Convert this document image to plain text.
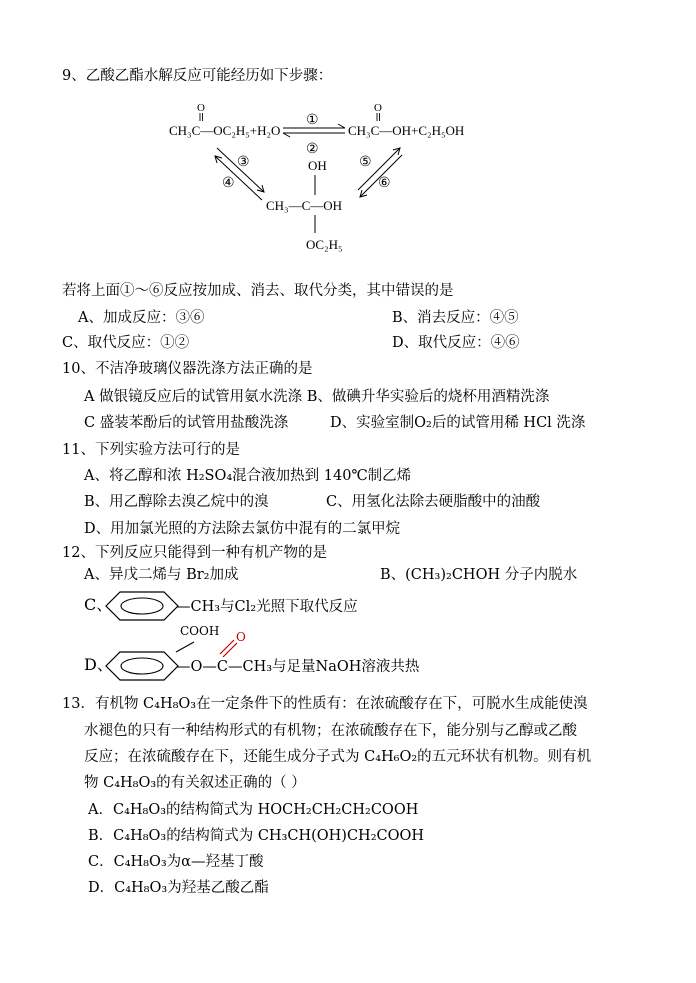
9、乙酸乙酯水解反应可能经历如下步骤：
O
CH₃C—OC₂H₅+H₂O
O
CH₃C—OH+C₂H₅OH
①
②
③
④
⑤
⑥
OH
CH₃—C—OH
OC₂H₅
若将上面①～⑥反应按加成、消去、取代分类，其中错误的是
A、加成反应：③⑥	B、消去反应：④⑤
C、取代反应：①②	D、取代反应：④⑥
10、不洁净玻璃仪器洗涤方法正确的是
A 做银镜反应后的试管用氨水洗涤 B、做碘升华实验后的烧杯用酒精洗涤
C 盛装苯酚后的试管用盐酸洗涤	D、实验室制O₂后的试管用稀 HCl 洗涤
11、下列实验方法可行的是
A、将乙醇和浓 H₂SO₄混合液加热到 140℃制乙烯
B、用乙醇除去溴乙烷中的溴	C、用氢化法除去硬脂酸中的油酸
D、用加氯光照的方法除去氯仿中混有的二氯甲烷
12、下列反应只能得到一种有机产物的是
A、异戊二烯与 Br₂加成	B、(CH₃)₂CHOH 分子内脱水
C、	—CH₃与Cl₂光照下取代反应
COOH
D、
O
—O—C—CH₃与足量NaOH溶液共热
13．有机物 C₄H₈O₃在一定条件下的性质有：在浓硫酸存在下，可脱水生成能使溴
水褪色的只有一种结构形式的有机物；在浓硫酸存在下，能分别与乙醇或乙酸
反应；在浓硫酸存在下，还能生成分子式为 C₄H₆O₂的五元环状有机物。则有机
物 C₄H₈O₃的有关叙述正确的（ ）
A．C₄H₈O₃的结构简式为 HOCH₂CH₂CH₂COOH
B．C₄H₈O₃的结构简式为 CH₃CH(OH)CH₂COOH
C．C₄H₈O₃为α—羟基丁酸
D．C₄H₈O₃为羟基乙酸乙酯
